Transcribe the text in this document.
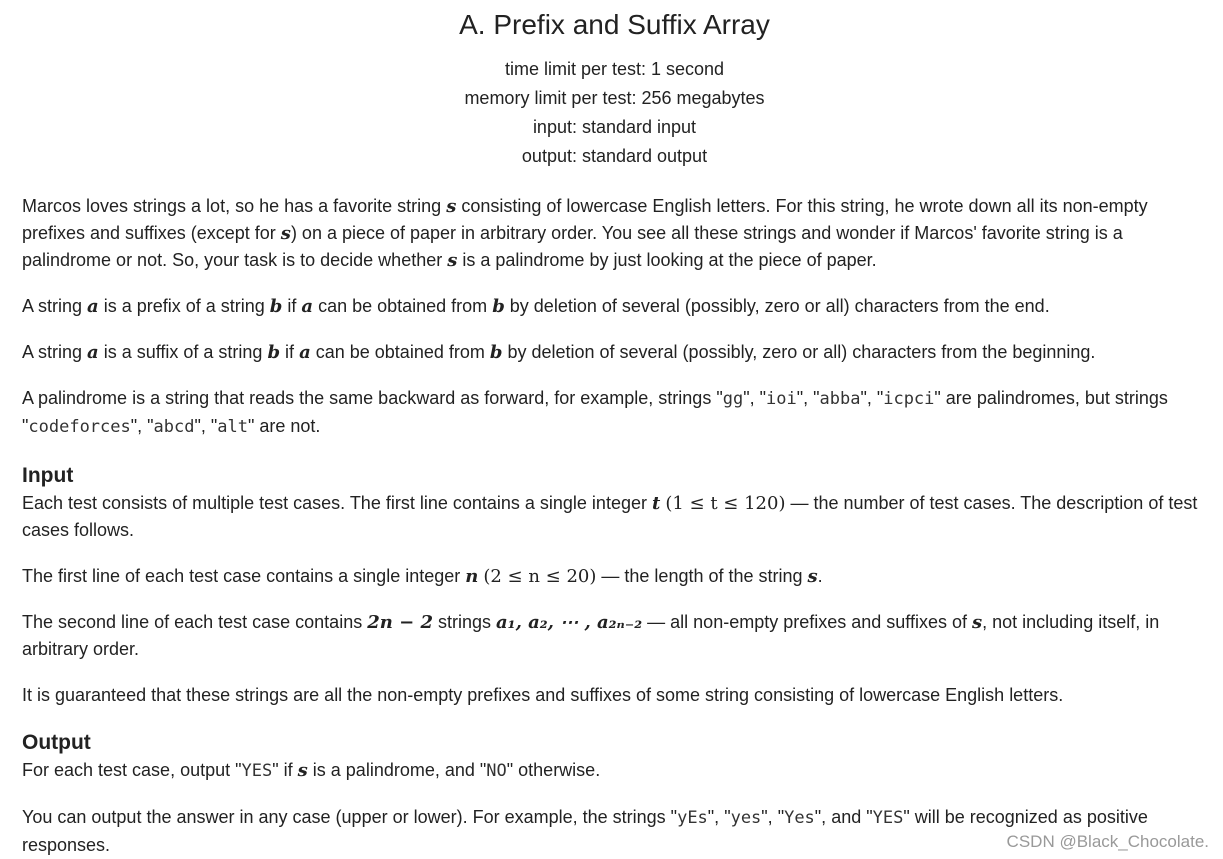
A. Prefix and Suffix Array
time limit per test: 1 second
memory limit per test: 256 megabytes
input: standard input
output: standard output

Marcos loves strings a lot, so he has a favorite string s consisting of lowercase English letters. For this string, he wrote down all its non-empty prefixes and suffixes (except for s) on a piece of paper in arbitrary order. You see all these strings and wonder if Marcos' favorite string is a palindrome or not. So, your task is to decide whether s is a palindrome by just looking at the piece of paper.

A string a is a prefix of a string b if a can be obtained from b by deletion of several (possibly, zero or all) characters from the end.

A string a is a suffix of a string b if a can be obtained from b by deletion of several (possibly, zero or all) characters from the beginning.

A palindrome is a string that reads the same backward as forward, for example, strings "gg", "ioi", "abba", "icpci" are palindromes, but strings "codeforces", "abcd", "alt" are not.

Input

Each test consists of multiple test cases. The first line contains a single integer t (1 ≤ t ≤ 120) — the number of test cases. The description of test cases follows.

The first line of each test case contains a single integer n (2 ≤ n ≤ 20) — the length of the string s.

The second line of each test case contains 2n − 2 strings a₁, a₂, ⋯ , a₂ₙ₋₂ — all non-empty prefixes and suffixes of s, not including itself, in arbitrary order.

It is guaranteed that these strings are all the non-empty prefixes and suffixes of some string consisting of lowercase English letters.

Output

For each test case, output "YES" if s is a palindrome, and "NO" otherwise.

You can output the answer in any case (upper or lower). For example, the strings "yEs", "yes", "Yes", and "YES" will be recognized as positive responses.	CSDN @Black_Chocolate.
